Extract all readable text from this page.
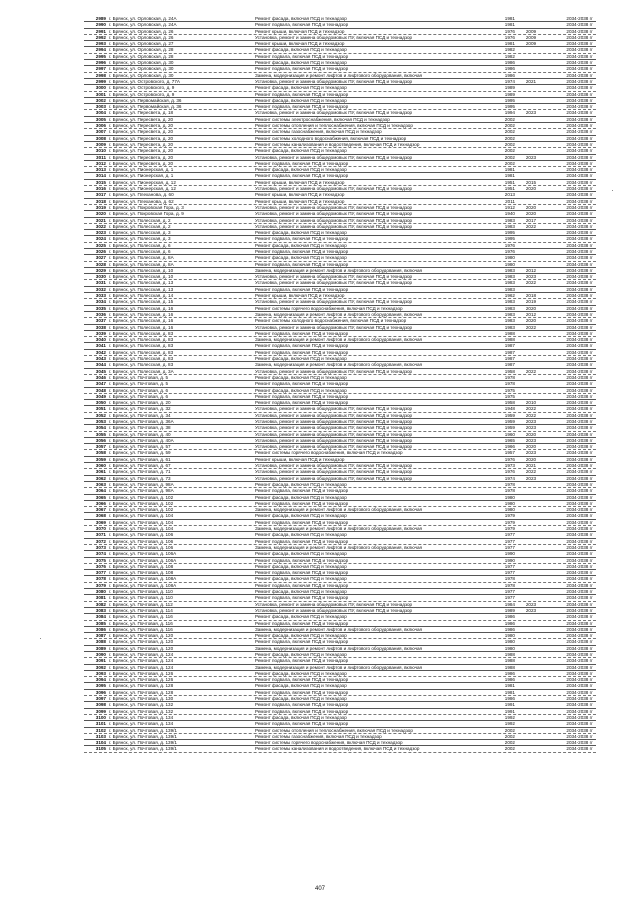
2989 г. Брянск, ул. Орловская, д. 24А	Ремонт фасада, включая ПСД и технадзор	1981	2034-2038 гг
2990 г. Брянск, ул. Орловская, д. 24А	Ремонт подвала, включая ПСД и технадзор	1981	2034-2038 гг
2991 г. Брянск, ул. Орловская, д. 26	Ремонт крыши, включая ПСД и технадзор	1976	2009	2034-2038 гг
2992 г. Брянск, ул. Орловская, д. 26	Установка, ремонт и замена общедомовых ПУ, включая ПСД и технадзор	1976	2009	2034-2038 гг
2993 г. Брянск, ул. Орловская, д. 27	Ремонт крыши, включая ПСД и технадзор	1981	2009	2034-2038 гг
2994 г. Брянск, ул. Орловская, д. 28	Ремонт фасада, включая ПСД и технадзор	1982	2034-2038 гг
2995 г. Брянск, ул. Орловская, д. 28	Ремонт подвала, включая ПСД и технадзор	1982	2034-2038 гг
2996 г. Брянск, ул. Орловская, д. 30	Ремонт фасада, включая ПСД и технадзор	1986	2034-2038 гг
2997 г. Брянск, ул. Орловская, д. 30	Ремонт подвала, включая ПСД и технадзор	1986	2034-2038 гг
2998 г. Брянск, ул. Орловская, д. 30	Замена, модернизация и ремонт лифтов и лифтового оборудования, включая	1986	2034-2038 гг
2999 г. Брянск, ул. Островского, д. 77А	Установка, ремонт и замена общедомовых ПУ, включая ПСД и технадзор	1974	2021	2034-2038 гг
3000 г. Брянск, ул. Островского, д. 9	Ремонт фасада, включая ПСД и технадзор	1989	2034-2038 гг
3001 г. Брянск, ул. Островского, д. 9	Ремонт подвала, включая ПСД и технадзор	1989	2034-2038 гг
3002 г. Брянск, ул. Первомайская, д. 36	Ремонт фасада, включая ПСД и технадзор	1995	2034-2038 гг
3003 г. Брянск, ул. Первомайская, д. 36	Ремонт подвала, включая ПСД и технадзор	1995	2034-2038 гг
3004 г. Брянск, ул. Пересвета, д. 18	Установка, ремонт и замена общедомовых ПУ, включая ПСД и технадзор	1994	2023	2034-2038 гг
3005 г. Брянск, ул. Пересвета, д. 20	Ремонт системы электроснабжения, включая ПСД и технадзор	2002	2034-2038 гг
3006 г. Брянск, ул. Пересвета, д. 20	Ремонт системы отопления и теплоснабжения, включая ПСД и технадзор	2002	2034-2038 гг
3007 г. Брянск, ул. Пересвета, д. 20	Ремонт системы газоснабжения, включая ПСД и технадзор	2002	2034-2038 гг
3008 г. Брянск, ул. Пересвета, д. 20	Ремонт системы холодного водоснабжения, включая ПСД и технадзор	2002	2034-2038 гг
3009 г. Брянск, ул. Пересвета, д. 20	Ремонт системы канализования и водоотведения, включая ПСД и технадзор	2002	2034-2038 гг
3010 г. Брянск, ул. Пересвета, д. 20	Ремонт фасада, включая ПСД и технадзор	2002	2034-2038 гг
3011 г. Брянск, ул. Пересвета, д. 20	Установка, ремонт и замена общедомовых ПУ, включая ПСД и технадзор	2002	2023	2034-2038 гг
3012 г. Брянск, ул. Пересвета, д. 20	Ремонт подвала, включая ПСД и технадзор	2002	2034-2038 гг
3013 г. Брянск, ул. Пионерская, д. 1	Ремонт фасада, включая ПСД и технадзор	1981	2034-2038 гг
3014 г. Брянск, ул. Пионерская, д. 1	Ремонт подвала, включая ПСД и технадзор	1981	2034-2038 гг
3015 г. Брянск, ул. Пионерская, д. 12	Ремонт крыши, включая ПСД и технадзор	1951	2015	2034-2038 гг
3016 г. Брянск, ул. Пионерская, д. 12	Установка, ремонт и замена общедомовых ПУ, включая ПСД и технадзор	1951	2020	2034-2038 гг
3017 г. Брянск, ул. Плеханова, д. 60	Ремонт крыши, включая ПСД и технадзор	2013	2034-2038 гг
3018 г. Брянск, ул. Плеханова, д. 62	Ремонт крыши, включая ПСД и технадзор	2011	2034-2038 гг
3019 г. Брянск, ул. Покровская Гора, д. 3	Установка, ремонт и замена общедомовых ПУ, включая ПСД и технадзор	1912	2020	2034-2038 гг
3020 г. Брянск, ул. Покровская Гора, д. 9	Установка, ремонт и замена общедомовых ПУ, включая ПСД и технадзор	1940	2020	2034-2038 гг
3021 г. Брянск, ул. Полесская, д. 2	Установка, ремонт и замена общедомовых ПУ, включая ПСД и технадзор	1983	2017	2034-2038 гг
3022 г. Брянск, ул. Полесская, д. 2	Установка, ремонт и замена общедомовых ПУ, включая ПСД и технадзор	1983	2022	2034-2038 гг
3023 г. Брянск, ул. Полесская, д. 3	Ремонт фасада, включая ПСД и технадзор	1995	2034-2038 гг
3024 г. Брянск, ул. Полесская, д. 3	Ремонт подвала, включая ПСД и технадзор	1995	2034-2038 гг
3025 г. Брянск, ул. Полесская, д. 6	Ремонт фасада, включая ПСД и технадзор	1976	2034-2038 гг
3026 г. Брянск, ул. Полесская, д. 6	Ремонт подвала, включая ПСД и технадзор	1976	2034-2038 гг
3027 г. Брянск, ул. Полесская, д. 8А	Ремонт фасада, включая ПСД и технадзор	1980	2034-2038 гг
3028 г. Брянск, ул. Полесская, д. 8А	Ремонт подвала, включая ПСД и технадзор	1980	2034-2038 гг
3029 г. Брянск, ул. Полесская, д. 10	Замена, модернизация и ремонт лифтов и лифтового оборудования, включая	1983	2012	2034-2038 гг
3030 г. Брянск, ул. Полесская, д. 10	Установка, ремонт и замена общедомовых ПУ, включая ПСД и технадзор	1983	2023	2034-2038 гг
3031 г. Брянск, ул. Полесская, д. 13	Установка, ремонт и замена общедомовых ПУ, включая ПСД и технадзор	1983	2022	2034-2038 гг
3032 г. Брянск, ул. Полесская, д. 13	Ремонт подвала, включая ПСД и технадзор	1983	2034-2038 гг
3033 г. Брянск, ул. Полесская, д. 14	Ремонт крыши, включая ПСД и технадзор	1962	2018	2034-2038 гг
3034 г. Брянск, ул. Полесская, д. 15	Установка, ремонт и замена общедомовых ПУ, включая ПСД и технадзор	1983	2019	2034-2038 гг
3035 г. Брянск, ул. Полесская, д. 16	Ремонт системы горячего водоснабжения, включая ПСД и технадзор	1983	2020	2034-2038 гг
3036 г. Брянск, ул. Полесская, д. 16	Замена, модернизация и ремонт лифтов и лифтового оборудования, включая	1983	2012	2034-2038 гг
3037 г. Брянск, ул. Полесская, д. 16	Ремонт системы холодного водоснабжения, включая ПСД и технадзор	1983	2020	2034-2038 гг
3038 г. Брянск, ул. Полесская, д. 16	Установка, ремонт и замена общедомовых ПУ, включая ПСД и технадзор	1983	2022	2034-2038 гг
3039 г. Брянск, ул. Полесская, д. 83	Ремонт подвала, включая ПСД и технадзор	1988	2034-2038 гг
3040 г. Брянск, ул. Полесская, д. 83	Замена, модернизация и ремонт лифтов и лифтового оборудования, включая	1988	2034-2038 гг
3041 г. Брянск, ул. Полесская, д. 83	Ремонт подвала, включая ПСД и технадзор	1987	2034-2038 гг
3042 г. Брянск, ул. Полесская, д. 83	Ремонт подвала, включая ПСД и технадзор	1987	2034-2038 гг
3043 г. Брянск, ул. Полесская, д. 83	Ремонт фасада, включая ПСД и технадзор	1987	2034-2038 гг
3044 г. Брянск, ул. Полесская, д. 83	Замена, модернизация и ремонт лифтов и лифтового оборудования, включая	1987	2034-2038 гг
3045 г. Брянск, ул. Полесская, д. 3А	Установка, ремонт и замена общедомовых ПУ, включая ПСД и технадзор	1958	2022	2034-2038 гг
3046 г. Брянск, ул. Почтовая, д. 5	Ремонт фасада, включая ПСД и технадзор	1978	2034-2038 гг
3047 г. Брянск, ул. Почтовая, д. 5	Ремонт подвала, включая ПСД и технадзор	1978	2034-2038 гг
3048 г. Брянск, ул. Почтовая, д. 6	Ремонт фасада, включая ПСД и технадзор	1975	2034-2038 гг
3049 г. Брянск, ул. Почтовая, д. 6	Ремонт подвала, включая ПСД и технадзор	1975	2034-2038 гг
3050 г. Брянск, ул. Почтовая, д. 20	Ремонт подвала, включая ПСД и технадзор	1958	2010	2034-2038 гг
3051 г. Брянск, ул. Почтовая, д. 32	Установка, ремонт и замена общедомовых ПУ, включая ПСД и технадзор	1948	2022	2034-2038 гг
3052 г. Брянск, ул. Почтовая, д. 34	Установка, ремонт и замена общедомовых ПУ, включая ПСД и технадзор	1959	2022	2034-2038 гг
3053 г. Брянск, ул. Почтовая, д. 36А	Установка, ремонт и замена общедомовых ПУ, включая ПСД и технадзор	1959	2023	2034-2038 гг
3054 г. Брянск, ул. Почтовая, д. 38	Установка, ремонт и замена общедомовых ПУ, включая ПСД и технадзор	1959	2023	2034-2038 гг
3055 г. Брянск, ул. Почтовая, д. 40	Установка, ремонт и замена общедомовых ПУ, включая ПСД и технадзор	1960	2020	2034-2038 гг
3056 г. Брянск, ул. Почтовая, д. 40А	Установка, ремонт и замена общедомовых ПУ, включая ПСД и технадзор	1965	2023	2034-2038 гг
3057 г. Брянск, ул. Почтовая, д. 57	Установка, ремонт и замена общедомовых ПУ, включая ПСД и технадзор	1966	2020	2034-2038 гг
3058 г. Брянск, ул. Почтовая, д. 59	Ремонт системы горячего водоснабжения, включая ПСД и технадзор	1957	2023	2034-2038 гг
3059 г. Брянск, ул. Почтовая, д. 61	Ремонт крыши, включая ПСД и технадзор	1976	2020	2034-2038 гг
3060 г. Брянск, ул. Почтовая, д. 67	Установка, ремонт и замена общедомовых ПУ, включая ПСД и технадзор	1973	2021	2034-2038 гг
3061 г. Брянск, ул. Почтовая, д. 71	Установка, ремонт и замена общедомовых ПУ, включая ПСД и технадзор	1976	2022	2034-2038 гг
3062 г. Брянск, ул. Почтовая, д. 73	Установка, ремонт и замена общедомовых ПУ, включая ПСД и технадзор	1974	2023	2034-2038 гг
3063 г. Брянск, ул. Почтовая, д. 98А	Ремонт фасада, включая ПСД и технадзор	1978	2034-2038 гг
3064 г. Брянск, ул. Почтовая, д. 98А	Ремонт подвала, включая ПСД и технадзор	1978	2034-2038 гг
3065 г. Брянск, ул. Почтовая, д. 102	Ремонт фасада, включая ПСД и технадзор	1980	2034-2038 гг
3066 г. Брянск, ул. Почтовая, д. 102	Ремонт подвала, включая ПСД и технадзор	1980	2034-2038 гг
3067 г. Брянск, ул. Почтовая, д. 102	Замена, модернизация и ремонт лифтов и лифтового оборудования, включая	1980	2034-2038 гг
3068 г. Брянск, ул. Почтовая, д. 104	Ремонт фасада, включая ПСД и технадзор	1979	2034-2038 гг
3069 г. Брянск, ул. Почтовая, д. 104	Ремонт подвала, включая ПСД и технадзор	1979	2034-2038 гг
3070 г. Брянск, ул. Почтовая, д. 104	Замена, модернизация и ремонт лифтов и лифтового оборудования, включая	1979	2034-2038 гг
3071 г. Брянск, ул. Почтовая, д. 106	Ремонт фасада, включая ПСД и технадзор	1977	2034-2038 гг
3072 г. Брянск, ул. Почтовая, д. 106	Ремонт подвала, включая ПСД и технадзор	1977	2034-2038 гг
3073 г. Брянск, ул. Почтовая, д. 106	Замена, модернизация и ремонт лифтов и лифтового оборудования, включая	1977	2034-2038 гг
3074 г. Брянск, ул. Почтовая, д. 106А	Ремонт фасада, включая ПСД и технадзор	1990	2034-2038 гг
3075 г. Брянск, ул. Почтовая, д. 106А	Ремонт подвала, включая ПСД и технадзор	1990	2034-2038 гг
3076 г. Брянск, ул. Почтовая, д. 108	Ремонт фасада, включая ПСД и технадзор	1977	2034-2038 гг
3077 г. Брянск, ул. Почтовая, д. 108	Ремонт подвала, включая ПСД и технадзор	1977	2034-2038 гг
3078 г. Брянск, ул. Почтовая, д. 108А	Ремонт фасада, включая ПСД и технадзор	1978	2034-2038 гг
3079 г. Брянск, ул. Почтовая, д. 108А	Ремонт подвала, включая ПСД и технадзор	1978	2034-2038 гг
3080 г. Брянск, ул. Почтовая, д. 110	Ремонт фасада, включая ПСД и технадзор	1977	2034-2038 гг
3081 г. Брянск, ул. Почтовая, д. 110	Ремонт подвала, включая ПСД и технадзор	1977	2034-2038 гг
3082 г. Брянск, ул. Почтовая, д. 112	Установка, ремонт и замена общедомовых ПУ, включая ПСД и технадзор	1984	2023	2034-2038 гг
3083 г. Брянск, ул. Почтовая, д. 114	Установка, ремонт и замена общедомовых ПУ, включая ПСД и технадзор	1989	2023	2034-2038 гг
3084 г. Брянск, ул. Почтовая, д. 116	Ремонт фасада, включая ПСД и технадзор	1986	2034-2038 гг
3085 г. Брянск, ул. Почтовая, д. 116	Ремонт подвала, включая ПСД и технадзор	1986	2034-2038 гг
3086 г. Брянск, ул. Почтовая, д. 116	Замена, модернизация и ремонт лифтов и лифтового оборудования, включая	1986	2034-2038 гг
3087 г. Брянск, ул. Почтовая, д. 120	Ремонт фасада, включая ПСД и технадзор	1980	2034-2038 гг
3088 г. Брянск, ул. Почтовая, д. 120	Ремонт подвала, включая ПСД и технадзор	1980	2034-2038 гг
3089 г. Брянск, ул. Почтовая, д. 120	Замена, модернизация и ремонт лифтов и лифтового оборудования, включая	1980	2034-2038 гг
3090 г. Брянск, ул. Почтовая, д. 124	Ремонт фасада, включая ПСД и технадзор	1988	2034-2038 гг
3091 г. Брянск, ул. Почтовая, д. 124	Ремонт подвала, включая ПСД и технадзор	1988	2034-2038 гг
3092 г. Брянск, ул. Почтовая, д. 124	Замена, модернизация и ремонт лифтов и лифтового оборудования, включая	1988	2034-2038 гг
3093 г. Брянск, ул. Почтовая, д. 126	Ремонт фасада, включая ПСД и технадзор	1986	2034-2038 гг
3094 г. Брянск, ул. Почтовая, д. 126	Ремонт подвала, включая ПСД и технадзор	1986	2034-2038 гг
3095 г. Брянск, ул. Почтовая, д. 128	Ремонт фасада, включая ПСД и технадзор	1981	2034-2038 гг
3096 г. Брянск, ул. Почтовая, д. 128	Ремонт подвала, включая ПСД и технадзор	1981	2034-2038 гг
3097 г. Брянск, ул. Почтовая, д. 130	Ремонт фасада, включая ПСД и технадзор	1986	2034-2038 гг
3098 г. Брянск, ул. Почтовая, д. 132	Ремонт подвала, включая ПСД и технадзор	1991	2034-2038 гг
3099 г. Брянск, ул. Почтовая, д. 132	Ремонт подвала, включая ПСД и технадзор	1991	2034-2038 гг
3100 г. Брянск, ул. Почтовая, д. 134	Ремонт фасада, включая ПСД и технадзор	1992	2034-2038 гг
3101 г. Брянск, ул. Почтовая, д. 134	Ремонт подвала, включая ПСД и технадзор	1992	2034-2038 гг
3102 г. Брянск, ул. Почтовая, д. 139/1	Ремонт системы отопления и теплоснабжения, включая ПСД и технадзор	2002	2034-2038 гг
3103 г. Брянск, ул. Почтовая, д. 139/1	Ремонт системы газоснабжения, включая ПСД и технадзор	2002	2034-2038 гг
3104 г. Брянск, ул. Почтовая, д. 139/1	Ремонт системы горячего водоснабжения, включая ПСД и технадзор	2002	2034-2038 гг
3105 г. Брянск, ул. Почтовая, д. 139/1	Ремонт системы канализования и водоотведения, включая ПСД и технадзор	2002	2034-2038 гг
407
